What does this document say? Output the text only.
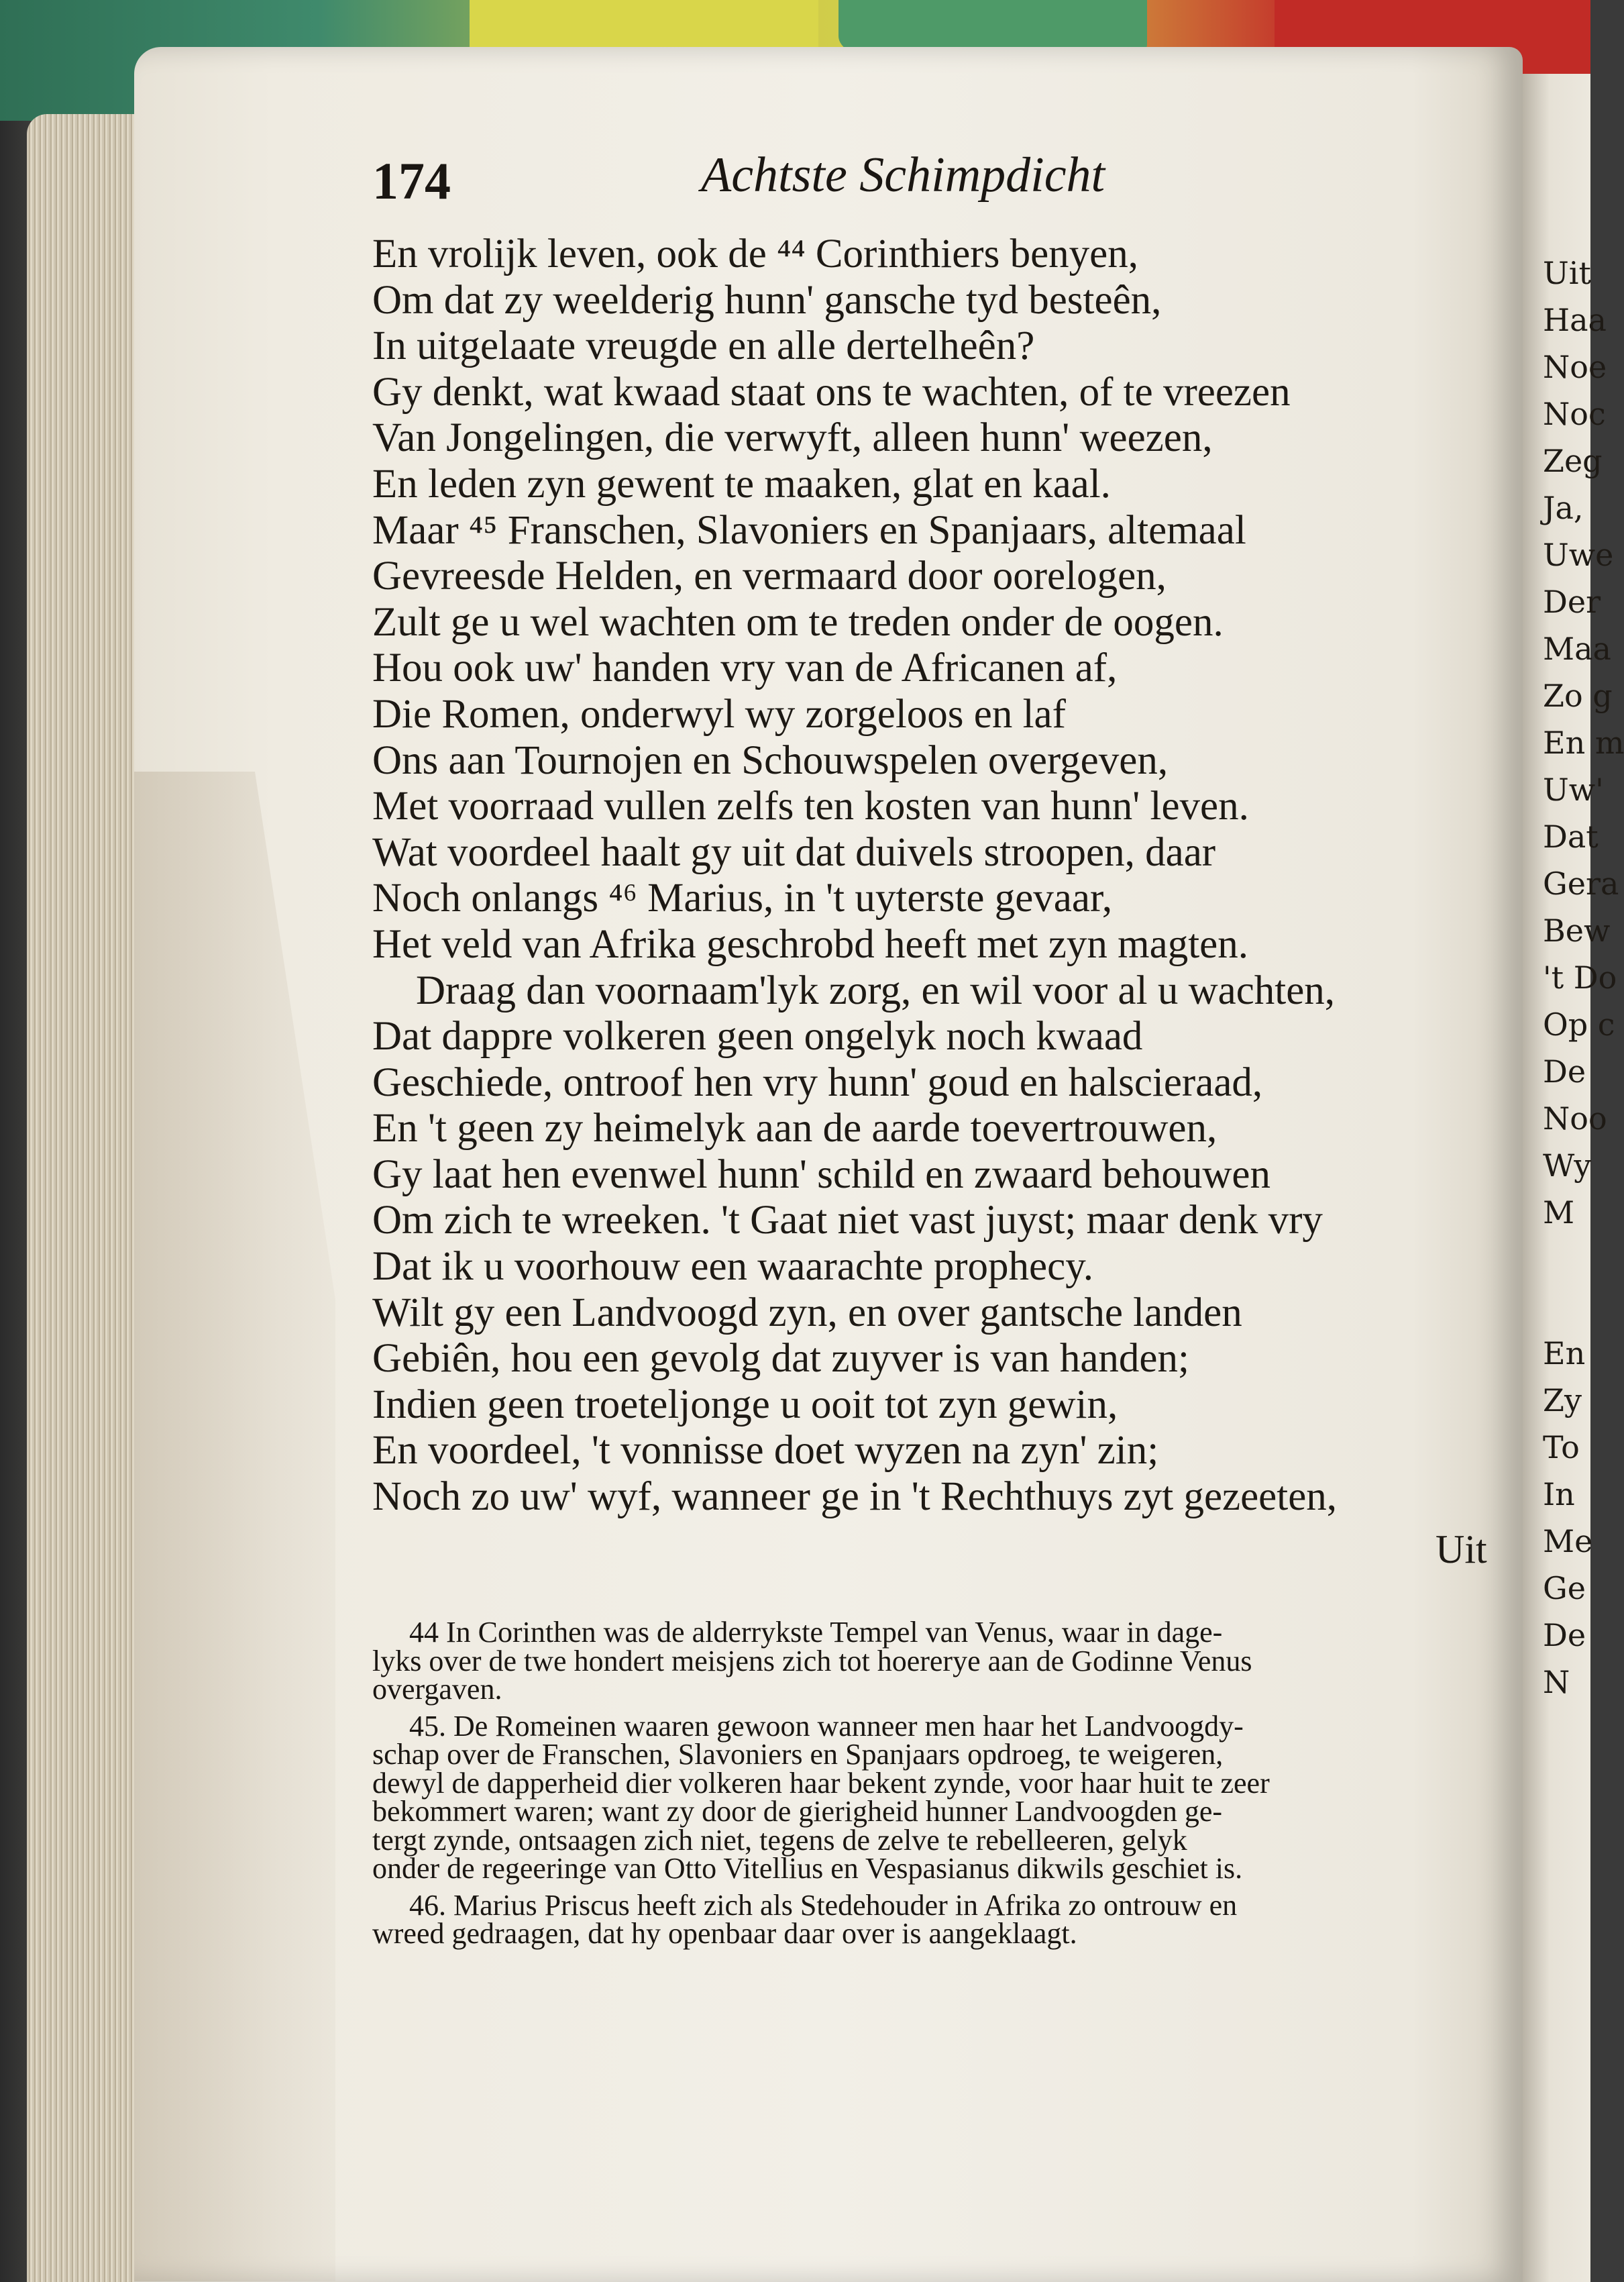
Uit
Haa
Noe
Noc
Zeg
Ja,
Uwe
Der
Maa
Zo g
En m
Uw'
Dat
Gera
Bew
't Do
Op c
De
Noo
Wy
M
En
Zy
To
In
Me
Ge
De
N
174	Achtste Schimpdicht
En vrolijk leven, ook de ⁴⁴ Corinthiers benyen,
Om dat zy weelderig hunn' gansche tyd besteên,
In uitgelaate vreugde en alle dertelheên?
Gy denkt, wat kwaad staat ons te wachten, of te vreezen
Van Jongelingen, die verwyft, alleen hunn' weezen,
En leden zyn gewent te maaken, glat en kaal.
Maar ⁴⁵ Franschen, Slavoniers en Spanjaars, altemaal
Gevreesde Helden, en vermaard door oorelogen,
Zult ge u wel wachten om te treden onder de oogen.
Hou ook uw' handen vry van de Africanen af,
Die Romen, onderwyl wy zorgeloos en laf
Ons aan Tournojen en Schouwspelen overgeven,
Met voorraad vullen zelfs ten kosten van hunn' leven.
Wat voordeel haalt gy uit dat duivels stroopen, daar
Noch onlangs ⁴⁶ Marius, in 't uyterste gevaar,
Het veld van Afrika geschrobd heeft met zyn magten.
Draag dan voornaam'lyk zorg, en wil voor al u wachten,
Dat dappre volkeren geen ongelyk noch kwaad
Geschiede, ontroof hen vry hunn' goud en halscieraad,
En 't geen zy heimelyk aan de aarde toevertrouwen,
Gy laat hen evenwel hunn' schild en zwaard behouwen
Om zich te wreeken. 't Gaat niet vast juyst; maar denk vry
Dat ik u voorhouw een waarachte prophecy.
Wilt gy een Landvoogd zyn, en over gantsche landen
Gebiên, hou een gevolg dat zuyver is van handen;
Indien geen troeteljonge u ooit tot zyn gewin,
En voordeel, 't vonnisse doet wyzen na zyn' zin;
Noch zo uw' wyf, wanneer ge in 't Rechthuys zyt gezeeten,
Uit
44 In Corinthen was de alderrykste Tempel van Venus, waar in dage-
lyks over de twe hondert meisjens zich tot hoererye aan de Godinne Venus
overgaven.
45. De Romeinen waaren gewoon wanneer men haar het Landvoogdy-
schap over de Franschen, Slavoniers en Spanjaars opdroeg, te weigeren,
dewyl de dapperheid dier volkeren haar bekent zynde, voor haar huit te zeer
bekommert waren; want zy door de gierigheid hunner Landvoogden ge-
tergt zynde, ontsaagen zich niet, tegens de zelve te rebelleeren, gelyk
onder de regeeringe van Otto Vitellius en Vespasianus dikwils geschiet is.
46. Marius Priscus heeft zich als Stedehouder in Afrika zo ontrouw en
wreed gedraagen, dat hy openbaar daar over is aangeklaagt.
